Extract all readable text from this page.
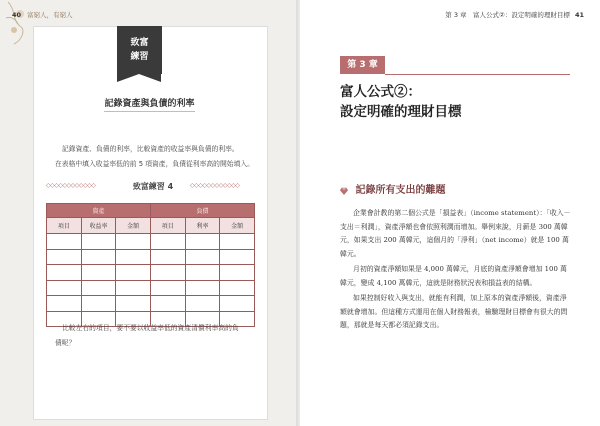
40 富窮人，有窮人
致富
練習
記錄資產與負債的利率

記錄資產、負債的利率，比較資產的收益率與負債的利率。

在表格中填入收益率低的前 5 項資產，負債從利率高的開始填入。

◇◇◇◇◇◇◇◇◇◇◇◇	致富練習 4	◇◇◇◇◇◇◇◇◇◇◇◇
資產			負債		
項目	收益率	金額	項目	利率	金額

比較左右的項目，要不要以收益率低的資產清償利率高的負

債呢？

第 3 章　富人公式②：設定明確的理財目標 41
第 3 章
富人公式②：
設定明確的理財目標
記錄所有支出的難題

企業會計教的第二個公式是「損益表」（income statement）：「收入－支出＝利潤」，資產淨額也會依照利潤而增加。舉例來說，月薪是 300 萬韓元，如果支出 200 萬韓元，這個月的「淨利」（net income）就是 100 萬韓元。

月初的資產淨額如果是 4,000 萬韓元，月底的資產淨額會增加 100 萬韓元，變成 4,100 萬韓元，這就是財務狀況表和損益表的結構。

如果控制好收入與支出，就能有利潤，加上原本的資產淨額後，資產淨額就會增加。但這種方式運用在個人財務報表，檢驗理財目標會有很大的問題，那就是每天都必須記錄支出。
